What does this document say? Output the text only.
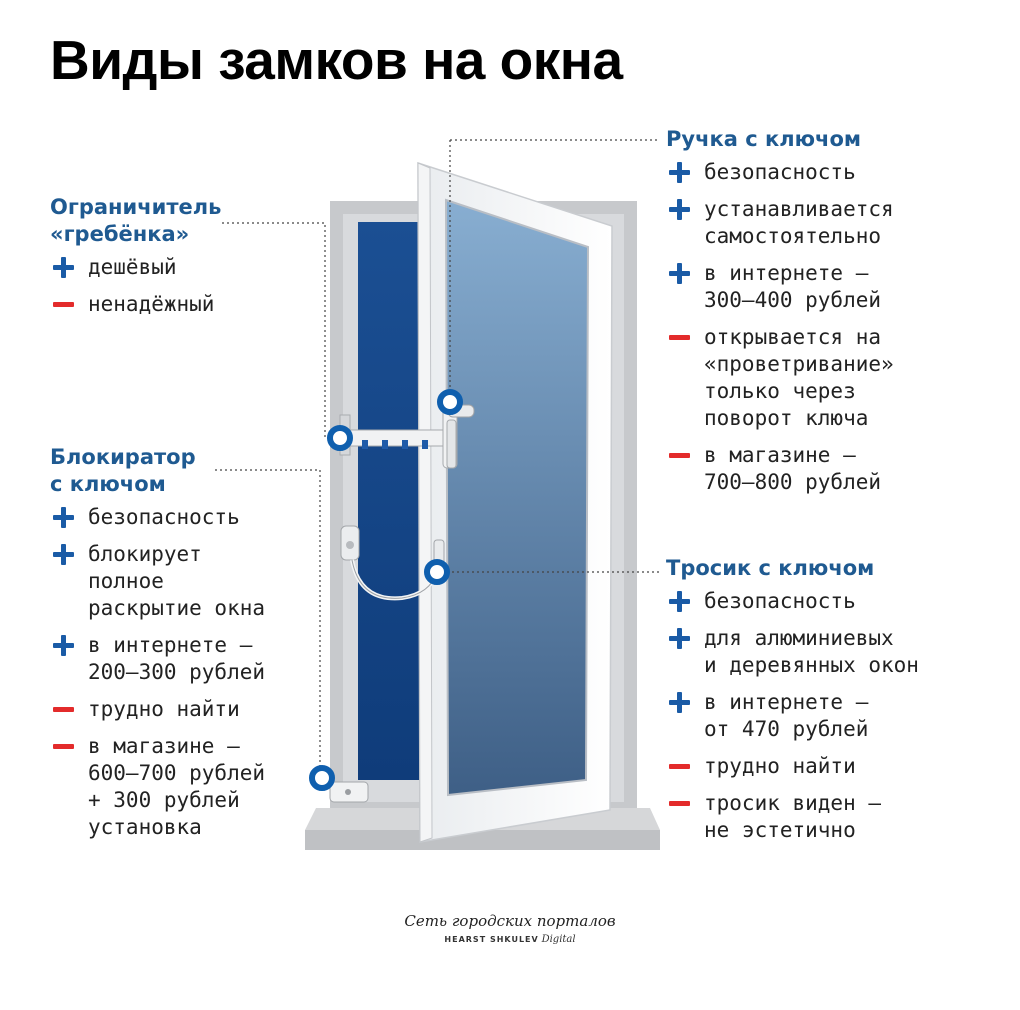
Виды замков на окна
Ограничитель
«гребёнка»
дешёвый
ненадёжный
Блокиратор
с ключом
безопасность
блокирует
полное
раскрытие окна
в интернете —
200–300 рублей
трудно найти
в магазине —
600–700 рублей
+ 300 рублей
установка
Ручка с ключом
безопасность
устанавливается
самостоятельно
в интернете —
300–400 рублей
открывается на
«проветривание»
только через
поворот ключа
в магазине —
700–800 рублей
Тросик с ключом
безопасность
для алюминиевых
и деревянных окон
в интернете —
от 470 рублей
трудно найти
тросик виден —
не эстетично
Сеть городских порталов
HEARST SHKULEV Digital
